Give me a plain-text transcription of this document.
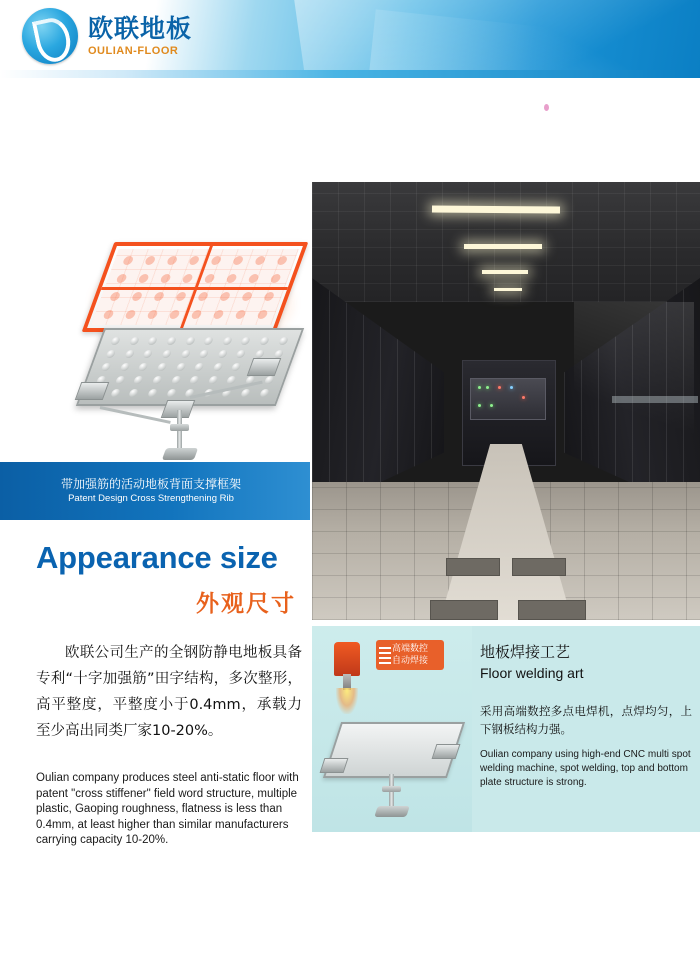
欧联地板
OULIAN-FLOOR
带加强筋的活动地板背面支撑框架
Patent Design Cross Strengthening Rib
Appearance size
外观尺寸
欧联公司生产的全钢防静电地板具备专利“十字加强筋”田字结构，多次整形，高平整度，平整度小于0.4mm，承载力至少高出同类厂家10-20%。
Oulian company produces steel anti-static floor with patent "cross stiffener" field word structure, multiple plastic, Gaoping roughness, flatness is less than 0.4mm, at least higher than similar manufacturers carrying capacity 10-20%.
高端数控
自动焊接	地板焊接工艺
Floor welding art
采用高端数控多点电焊机，点焊均匀，上下钢板结构力强。
Oulian company using high-end CNC multi spot welding machine, spot welding, top and bottom plate structure is strong.
